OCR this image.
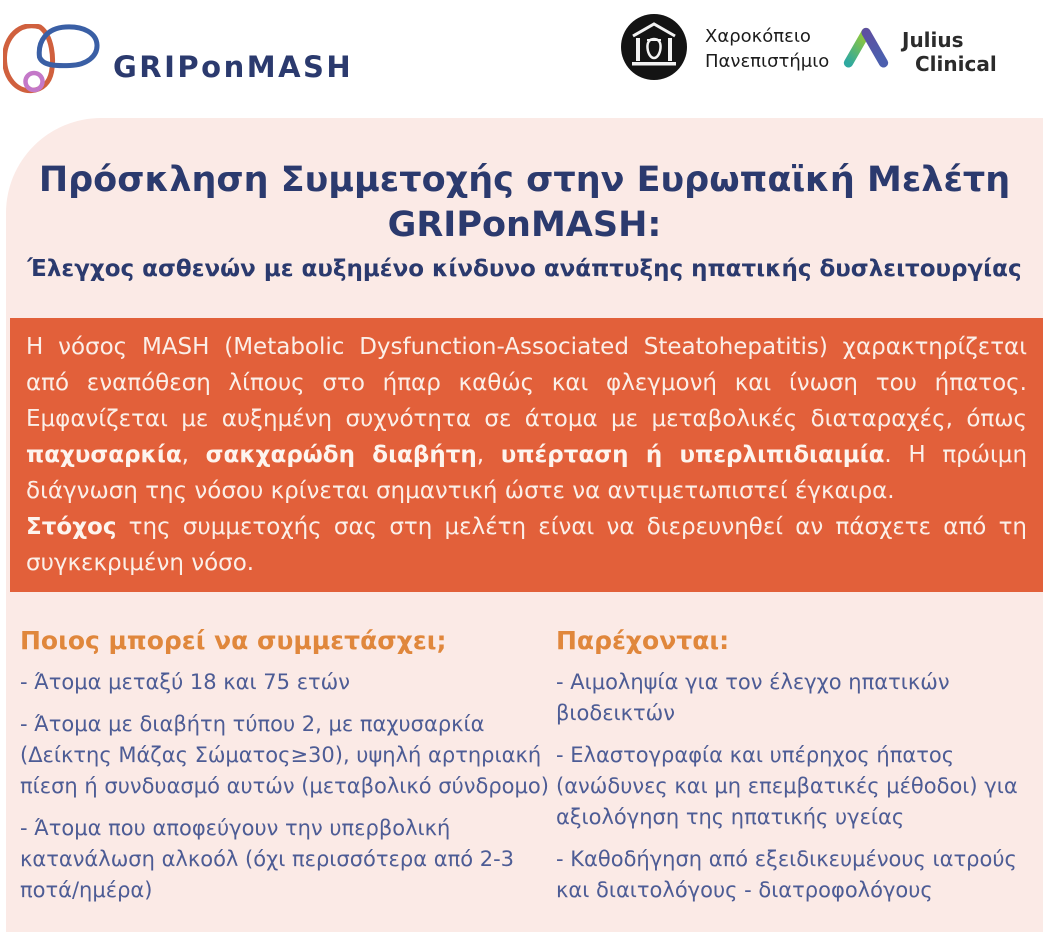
GRIPonMASH
Χαροκόπειο
Πανεπιστήμιο
Julius
Clinical
Πρόσκληση Συμμετοχής στην Ευρωπαϊκή Μελέτη
GRIPonMASH:
Έλεγχος ασθενών με αυξημένο κίνδυνο ανάπτυξης ηπατικής δυσλειτουργίας

Η νόσος MASH (Metabolic Dysfunction-Associated Steatohepatitis) χαρακτηρίζεται από εναπόθεση λίπους στο ήπαρ καθώς και φλεγμονή και ίνωση του ήπατος. Εμφανίζεται με αυξημένη συχνότητα σε άτομα με μεταβολικές διαταραχές, όπως παχυσαρκία, σακχαρώδη διαβήτη, υπέρταση ή υπερλιπιδιαιμία. Η πρώιμη διάγνωση της νόσου κρίνεται σημαντική ώστε να αντιμετωπιστεί έγκαιρα.

Στόχος της συμμετοχής σας στη μελέτη είναι να διερευνηθεί αν πάσχετε από τη συγκεκριμένη νόσο.

Ποιος μπορεί να συμμετάσχει;

- Άτομα μεταξύ 18 και 75 ετών

- Άτομα με διαβήτη τύπου 2, με παχυσαρκία (Δείκτης Μάζας Σώματος≥30), υψηλή αρτηριακή πίεση ή συνδυασμό αυτών (μεταβολικό σύνδρομο)

- Άτομα που αποφεύγουν την υπερβολική κατανάλωση αλκοόλ (όχι περισσότερα από 2-3 ποτά/ημέρα)

Παρέχονται:

- Αιμοληψία για τον έλεγχο ηπατικών βιοδεικτών

- Ελαστογραφία και υπέρηχος ήπατος (ανώδυνες και μη επεμβατικές μέθοδοι) για αξιολόγηση της ηπατικής υγείας

- Καθοδήγηση από εξειδικευμένους ιατρούς και διαιτολόγους - διατροφολόγους
